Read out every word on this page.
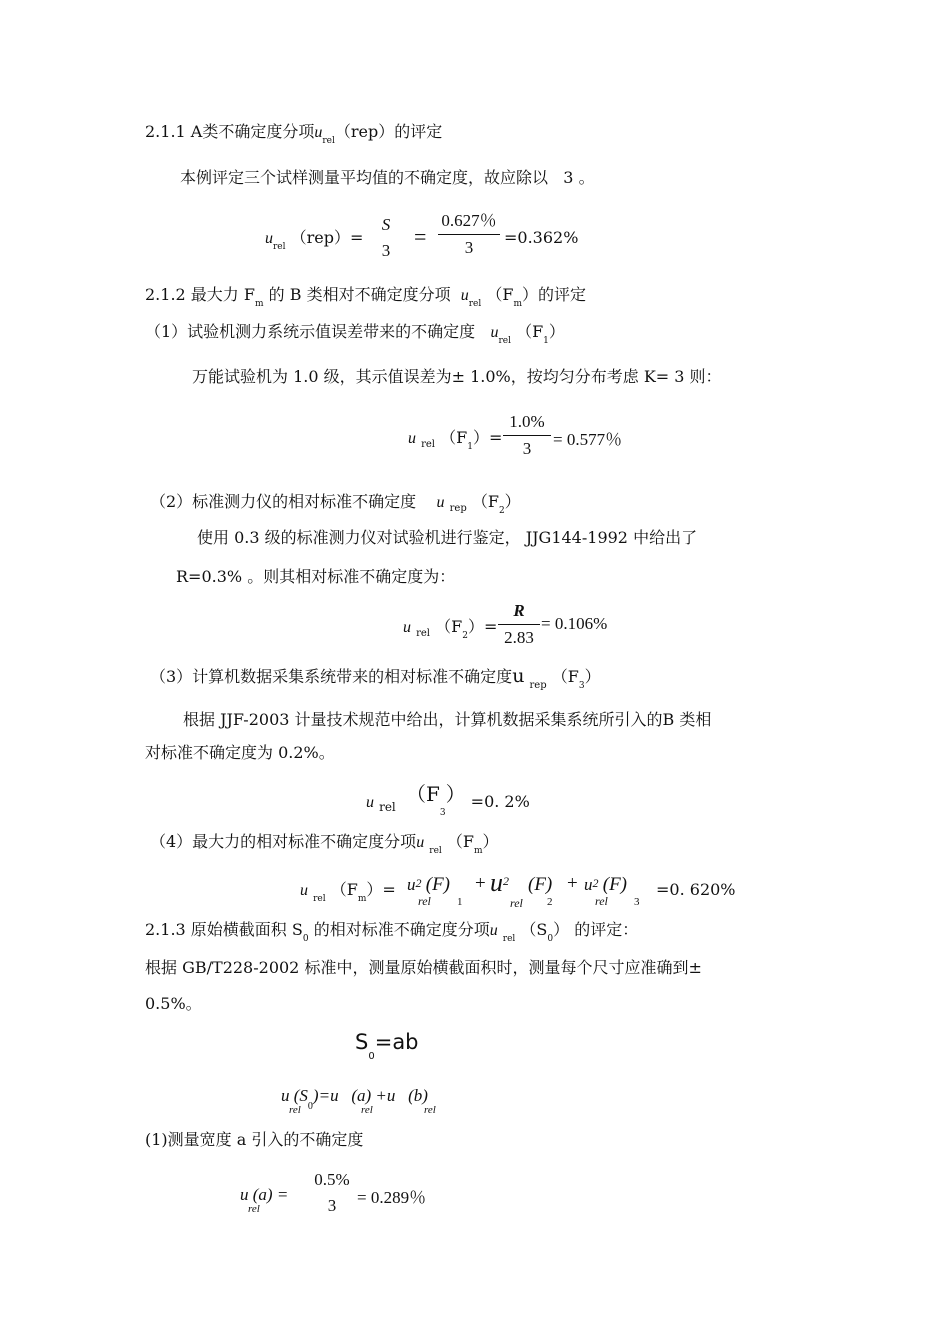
2.1.1 A类不确定度分项$u_{rel}(rep)$的评定
本例评定三个试样测量平均值的不确定度，故应除以 3 。
$u_{rel}$ （rep）=
S
3
=
0.627％
3
=0.362%
2.1.2 最大力 $F_m$ 的 B 类相对不确定度分项 $u_{rel}$ $(F_m)$的评定
（1）试验机测力系统示值误差带来的不确定度 $u_{rel}$ $(F_1)$
万能试验机为 1.0 级，其示值误差为± 1.0%，按均匀分布考虑 K= 3 则：
u $_{rel}$ $(F_1)=$
1.0%
3	= 0.577％
（2）标准测力仪的相对标准不确定度 u $_{rep}$ $(F_2)$
使用 0.3 级的标准测力仪对试验机进行鉴定， JJG144-1992 中给出了
R=0.3% 。则其相对标准不确定度为：
u $_{rel}$ $(F_2)=$
R
2.83
= 0.106%
（3）计算机数据采集系统带来的相对标准不确定度u $_{rep}$ $(F_3)$
根据 JJF-2003 计量技术规范中给出，计算机数据采集系统所引入的B 类相
对标准不确定度为 0.2%。
u $_{rel}$  $(F_3) =0$. 2%
（4）最大力的相对标准不确定度分项u $_{rel}$ $(F_m)$
u $_{rel}$ $(F_m)= u2$ (F)
rel 1
+ $u^2$ (F)
rel 2
+ u2 (F)
rel 3
=0. 620%
2.1.3 原始横截面积 $S_0$ 的相对标准不确定度分项u $_{rel}$ $(S_0)$ 的评定：
根据 GB/T228-2002 标准中，测量原始横截面积时，测量每个尺寸应准确到±
0.5%。
$S_0=ab$
u $(S_0)=u$ (a) +u (b)
rel	rel	rel
(1)测量宽度 a 引入的不确定度
u (a) =
rel
0.5%
3	= 0.289％
